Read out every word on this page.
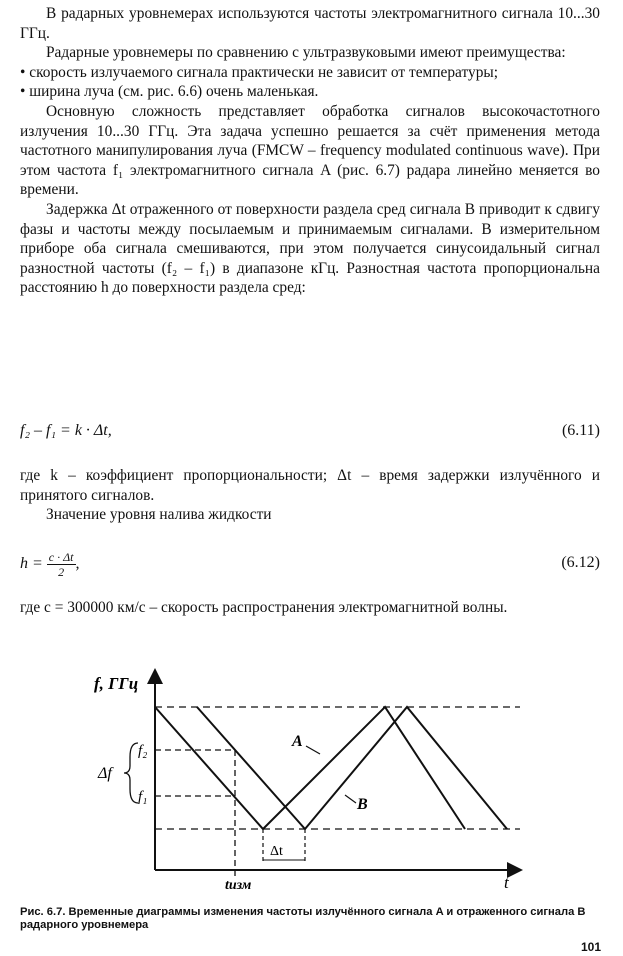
В радарных уровнемерах используются частоты электромагнитного сигнала 10...30 ГГц.

Радарные уровнемеры по сравнению с ультразвуковыми имеют преимущества:

• скорость излучаемого сигнала практически не зависит от температуры;

• ширина луча (см. рис. 6.6) очень маленькая.

Основную сложность представляет обработка сигналов высокочастотного излучения 10...30 ГГц. Эта задача успешно решается за счёт применения метода частотного манипулирования луча (FMCW – frequency modulated continuous wave). При этом частота f₁ электромагнитного сигнала A (рис. 6.7) радара линейно меняется во времени.

Задержка Δt отраженного от поверхности раздела сред сигнала B приводит к сдвигу фазы и частоты между посылаемым и принимаемым сигналами. В измерительном приборе оба сигнала смешиваются, при этом получается синусоидальный сигнал разностной частоты (f₂ – f₁) в диапазоне кГц. Разностная частота пропорциональна расстоянию h до поверхности раздела сред:

f₂ – f₁ = k · Δt,	(6.11)

где k – коэффициент пропорциональности; Δt – время задержки излучённого и принятого сигналов.

Значение уровня налива жидкости

$h = \frac{c \cdot \Delta t}{2}$ ,	(6.12)

где c = 300000 км/с – скорость распространения электромагнитной волны.

f, ГГц
t
f₂
f₁
Δf
A
B
Δt
tизм
Рис. 6.7. Временные диаграммы изменения частоты излучённого сигнала A и отраженного сигнала B радарного уровнемера
101
